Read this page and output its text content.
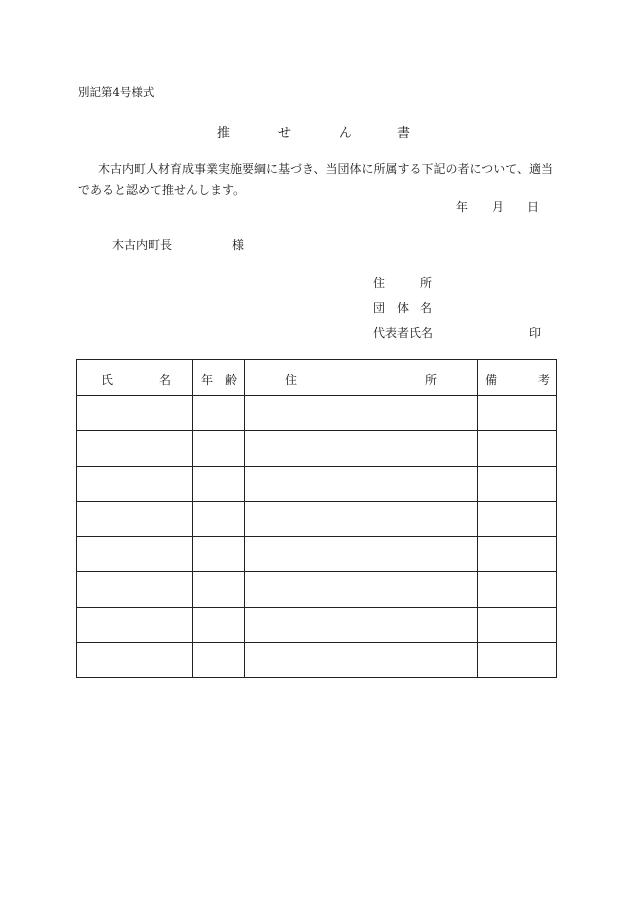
別記第4号様式
推	せ	ん	書
木古内町人材育成事業実施要綱に基づき、当団体に所属する下記の者について、適当
であると認めて推せんします。
年 月 日
木古内町長	様
住	所
団 体 名
代表者氏名	印
氏 名	年 齢	住 所	備 考
